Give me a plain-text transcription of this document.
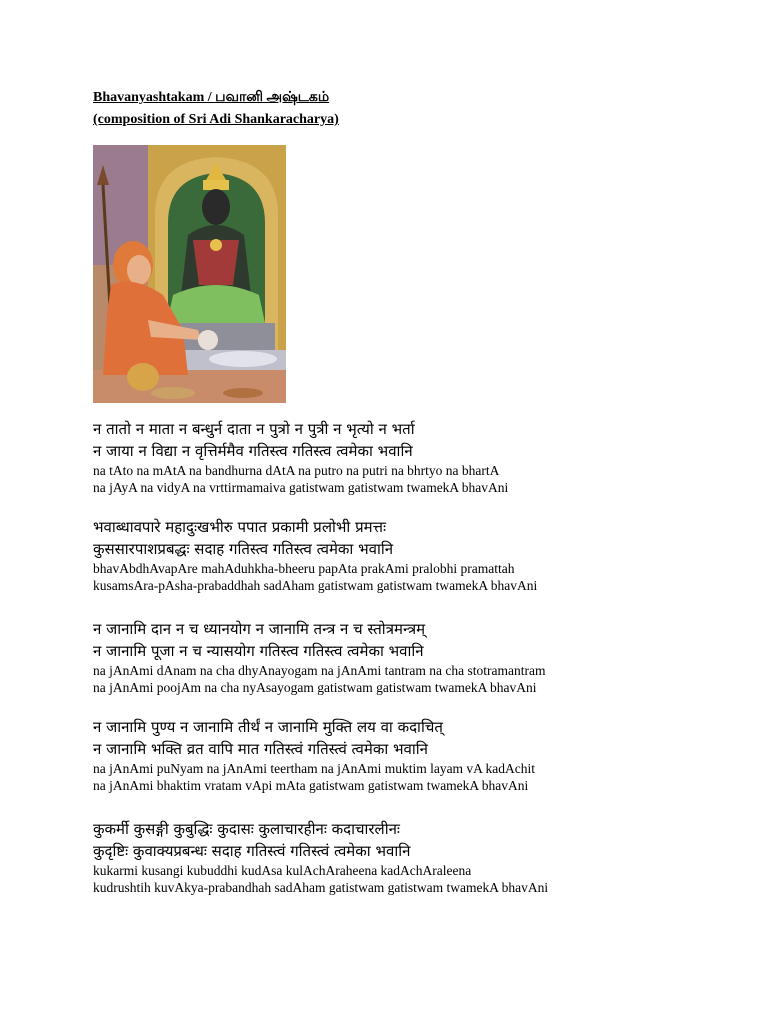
Bhavanyashtakam / பவானி அஷ்டகம்
(composition of Sri Adi Shankaracharya)
न तातो न माता न बन्धुर्न दाता न पुत्रो न पुत्री न भृत्यो न भर्ता
न जाया न विद्या न वृत्तिर्ममैव गतिस्त्व गतिस्त्व त्वमेका भवानि
na tAto na mAtA na bandhurna dAtA na putro na putri na bhrtyo na bhartA
na jAyA na vidyA na vrttirmamaiva gatistwam gatistwam twamekA bhavAni
भवाब्धावपारे महादुःखभीरु पपात प्रकामी प्रलोभी प्रमत्तः
कुससारपाशप्रबद्धः सदाह गतिस्त्व गतिस्त्व त्वमेका भवानि
bhavAbdhAvapAre mahAduhkha-bheeru papAta prakAmi pralobhi pramattah
kusamsAra-pAsha-prabaddhah sadAham gatistwam gatistwam twamekA bhavAni
न जानामि दान न च ध्यानयोग न जानामि तन्त्र न च स्तोत्रमन्त्रम्
न जानामि पूजा न च न्यासयोग गतिस्त्व गतिस्त्व त्वमेका भवानि
na jAnAmi dAnam na cha dhyAnayogam na jAnAmi tantram na cha stotramantram
na jAnAmi poojAm na cha nyAsayogam gatistwam gatistwam twamekA bhavAni
न जानामि पुण्य न जानामि तीर्थं न जानामि मुक्ति लय वा कदाचित्
न जानामि भक्ति व्रत वापि मात गतिस्त्वं गतिस्त्वं त्वमेका भवानि
na jAnAmi puNyam na jAnAmi teertham na jAnAmi muktim layam vA kadAchit
na jAnAmi bhaktim vratam vApi mAta gatistwam gatistwam twamekA bhavAni
कुकर्मी कुसङ्गी कुबुद्धिः कुदासः कुलाचारहीनः कदाचारलीनः
कुदृष्टिः कुवाक्यप्रबन्धः सदाह गतिस्त्वं गतिस्त्वं त्वमेका भवानि
kukarmi kusangi kubuddhi kudAsa kulAchAraheena kadAchAraleena
kudrushtih kuvAkya-prabandhah sadAham gatistwam gatistwam twamekA bhavAni
